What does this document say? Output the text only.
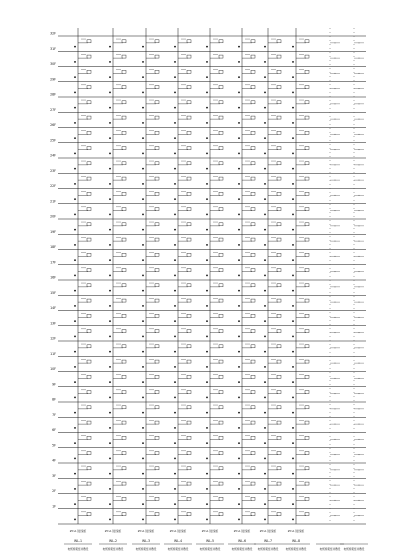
32F
31F
30F
29F
28F
27F
26F
25F
24F
23F
22F
21F
20F
19F
18F
17F
16F
15F
14F
13F
12F
11F
10F
9F
8F
7F
6F
5F
4F
3F
2F
1F
ZY-A 进线柜
WL-1
电缆桥架竖井敷设
ZY-A 进线柜
WL-2
电缆桥架竖井敷设
ZY-A 进线柜
WL-3
电缆桥架竖井敷设
ZY-A 进线柜
WL-4
电缆桥架竖井敷设
ZY-A 进线柜
WL-5
电缆桥架竖井敷设
ZY-A 进线柜
WL-6
电缆桥架竖井敷设
ZY-A 进线柜
WL-7
电缆桥架竖井敷设
ZY-A 进线柜
WL-8
电缆桥架竖井敷设	电缆桥架竖井敷设 电缆桥架竖井敷设
